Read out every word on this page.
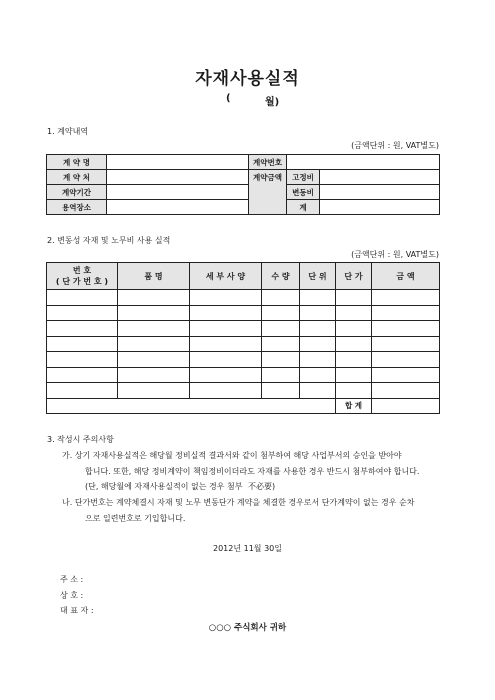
자재사용실적
(	월)
1. 계약내역
(금액단위 : 원, VAT별도)
계 약 명		계약번호		
계 약 처		계약금액	고정비	
계약기간			변동비	
용역장소			계	
2. 변동성 자재 및 노무비 사용 실적
(금액단위 : 원, VAT별도)
번 호
( 단 가 번 호 )	품 명	세 부 사 양	수 량	단 위	단 가	금 액

					합 계	
3. 작성시 주의사항
가. 상기 자재사용실적은 해당월 정비실적 결과서와 같이 첨부하여 해당 사업부서의 승인을 받아야
합니다. 또한, 해당 정비계약이 책임정비이더라도 자재를 사용한 경우 반드시 첨부하여야 합니다.
(단, 해당월에 자재사용실적이 없는 경우 첨부 不必要)
나. 단가번호는 계약체결시 자재 및 노무 변동단가 계약을 체결한 경우로서 단가계약이 없는 경우 순차
으로 일련번호로 기입합니다.
2012년 11월 30일
주 소 :
상 호 :
대 표 자 :
○○○ 주식회사 귀하
